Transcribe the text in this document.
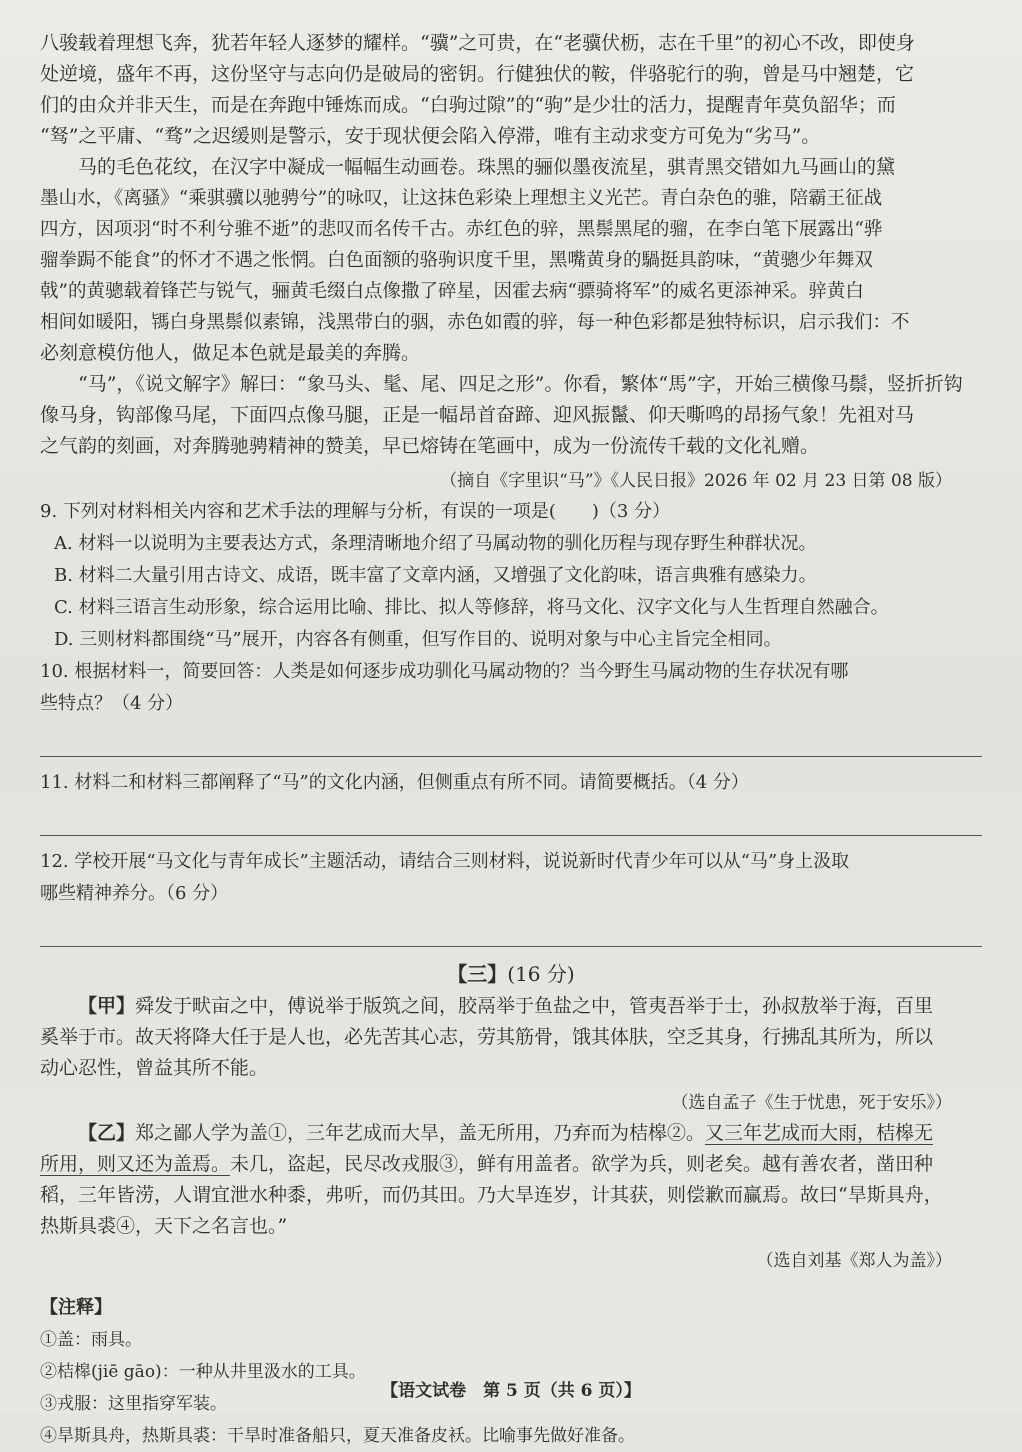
八骏载着理想飞奔，犹若年轻人逐梦的耀样。“骥”之可贵，在“老骥伏枥，志在千里”的初心不改，即使身
处逆境，盛年不再，这份坚守与志向仍是破局的密钥。行健独伏的鞍，伴骆驼行的驹，曾是马中翘楚，它
们的由众并非天生，而是在奔跑中锤炼而成。“白驹过隙”的“驹”是少壮的活力，提醒青年莫负韶华；而
“驽”之平庸、“骛”之迟缓则是警示，安于现状便会陷入停滞，唯有主动求变方可免为“劣马”。
马的毛色花纹，在汉字中凝成一幅幅生动画卷。珠黑的骊似墨夜流星，骐青黑交错如九马画山的黛
墨山水，《离骚》“乘骐骥以驰骋兮”的咏叹，让这抹色彩染上理想主义光芒。青白杂色的骓，陪霸王征战
四方，因项羽“时不利兮骓不逝”的悲叹而名传千古。赤红色的骍，黑鬃黑尾的骝，在李白笔下展露出“骅
骝拳跼不能食”的怀才不遇之怅惘。白色面额的骆驹识度千里，黑嘴黄身的騧挺具韵味，“黄骢少年舞双
戟”的黄骢载着锋芒与锐气，骊黄毛缀白点像撒了碎星，因霍去病“骠骑将军”的威名更添神采。骍黄白
相间如暖阳，駂白身黑鬃似素锦，浅黑带白的骃，赤色如霞的骍，每一种色彩都是独特标识，启示我们：不
必刻意模仿他人，做足本色就是最美的奔腾。
“马”，《说文解字》解曰：“象马头、髦、尾、四足之形”。你看，繁体“馬”字，开始三横像马鬃，竖折折钩
像马身，钩部像马尾，下面四点像马腿，正是一幅昂首奋蹄、迎风振鬣、仰天嘶鸣的昂扬气象！先祖对马
之气韵的刻画，对奔腾驰骋精神的赞美，早已熔铸在笔画中，成为一份流传千载的文化礼赠。
（摘自《字里识“马”》《人民日报》2026 年 02 月 23 日第 08 版）
9. 下列对材料相关内容和艺术手法的理解与分析，有误的一项是(　　)（3 分）
A. 材料一以说明为主要表达方式，条理清晰地介绍了马属动物的驯化历程与现存野生种群状况。
B. 材料二大量引用古诗文、成语，既丰富了文章内涵，又增强了文化韵味，语言典雅有感染力。
C. 材料三语言生动形象，综合运用比喻、排比、拟人等修辞，将马文化、汉字文化与人生哲理自然融合。
D. 三则材料都围绕“马”展开，内容各有侧重，但写作目的、说明对象与中心主旨完全相同。
10. 根据材料一，简要回答：人类是如何逐步成功驯化马属动物的？当今野生马属动物的生存状况有哪
些特点？（4 分）
11. 材料二和材料三都阐释了“马”的文化内涵，但侧重点有所不同。请简要概括。（4 分）
12. 学校开展“马文化与青年成长”主题活动，请结合三则材料，说说新时代青少年可以从“马”身上汲取
哪些精神养分。（6 分）
【三】(16 分)
【甲】舜发于畎亩之中，傅说举于版筑之间，胶鬲举于鱼盐之中，管夷吾举于士，孙叔敖举于海，百里
奚举于市。故天将降大任于是人也，必先苦其心志，劳其筋骨，饿其体肤，空乏其身，行拂乱其所为，所以
动心忍性，曾益其所不能。
（选自孟子《生于忧患，死于安乐》）
【乙】郑之鄙人学为盖①，三年艺成而大旱，盖无所用，乃弃而为桔槔②。又三年艺成而大雨，桔槔无
所用，则又还为盖焉。未几，盗起，民尽改戎服③，鲜有用盖者。欲学为兵，则老矣。越有善农者，凿田种
稻，三年皆涝，人谓宜泄水种黍，弗听，而仍其田。乃大旱连岁，计其获，则偿歉而赢焉。故曰“旱斯具舟，
热斯具裘④，天下之名言也。”
（选自刘基《郑人为盖》）
【注释】
①盖：雨具。
②桔槔(jiē gāo)：一种从井里汲水的工具。
③戎服：这里指穿军装。
④旱斯具舟，热斯具裘：干旱时准备船只，夏天准备皮袄。比喻事先做好准备。
【语文试卷　第 5 页（共 6 页）】
